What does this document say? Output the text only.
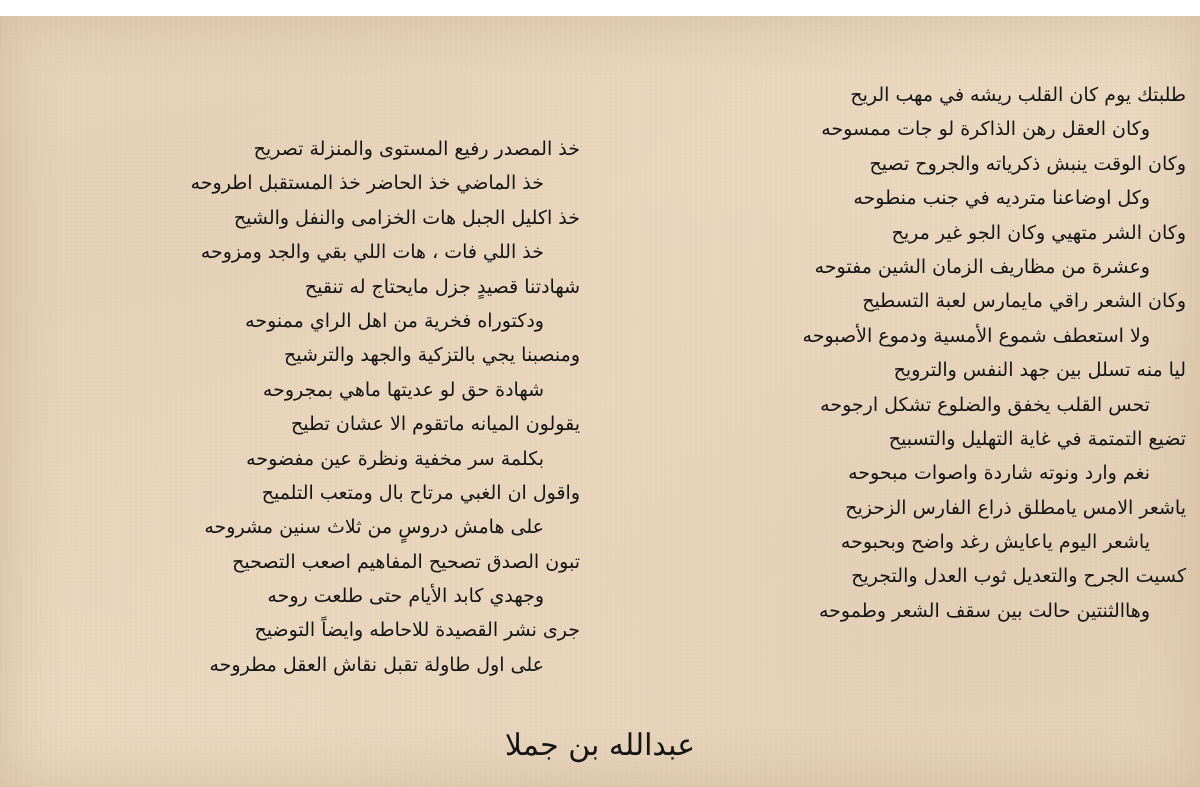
طلبتك يوم كان القلب ريشه في مهب الريح
وكان العقل رهن الذاكرة لو جات ممسوحه
وكان الوقت ينبش ذكرياته والجروح تصيح
وكل اوضاعنا مترديه في جنب منطوحه
وكان الشر متهيي وكان الجو غير مريح
وعشرة من مظاريف الزمان الشين مفتوحه
وكان الشعر راقي مايمارس لعبة التسطيح
ولا استعطف شموع الأمسية ودموع الأصبوحه
ليا منه تسلل بين جهد النفس والترويح
تحس القلب يخفق والضلوع تشكل ارجوحه
تضيع التمتمة في غاية التهليل والتسبيح
نغم وارد ونوته شاردة واصوات مبحوحه
ياشعر الامس يامطلق ذراع الفارس الزحزيح
ياشعر اليوم ياعايش رغد واضح وبحبوحه
كسيت الجرح والتعديل ثوب العدل والتجريح
وهاالثنتين حالت بين سقف الشعر وطموحه
خذ المصدر رفيع المستوى والمنزلة تصريح
خذ الماضي خذ الحاضر خذ المستقبل اطروحه
خذ اكليل الجبل هات الخزامى والنفل والشيح
خذ اللي فات ، هات اللي بقي والجد ومزوحه
شهادتنا قصيدٍ جزل مايحتاج له تنقيح
ودكتوراه فخرية من اهل الراي ممنوحه
ومنصبنا يجي بالتزكية والجهد والترشيح
شهادة حق لو عديتها ماهي بمجروحه
يقولون الميانه ماتقوم الا عشان تطيح
بكلمة سر مخفية ونظرة عين مفضوحه
واقول ان الغبي مرتاح بال ومتعب التلميح
على هامش دروسٍ من ثلاث سنين مشروحه
تبون الصدق تصحيح المفاهيم اصعب التصحيح
وجهدي كابد الأيام حتى طلعت روحه
جرى نشر القصيدة للاحاطه وايضاً التوضيح
على اول طاولة تقبل نقاش العقل مطروحه
عبدالله بن جملا
